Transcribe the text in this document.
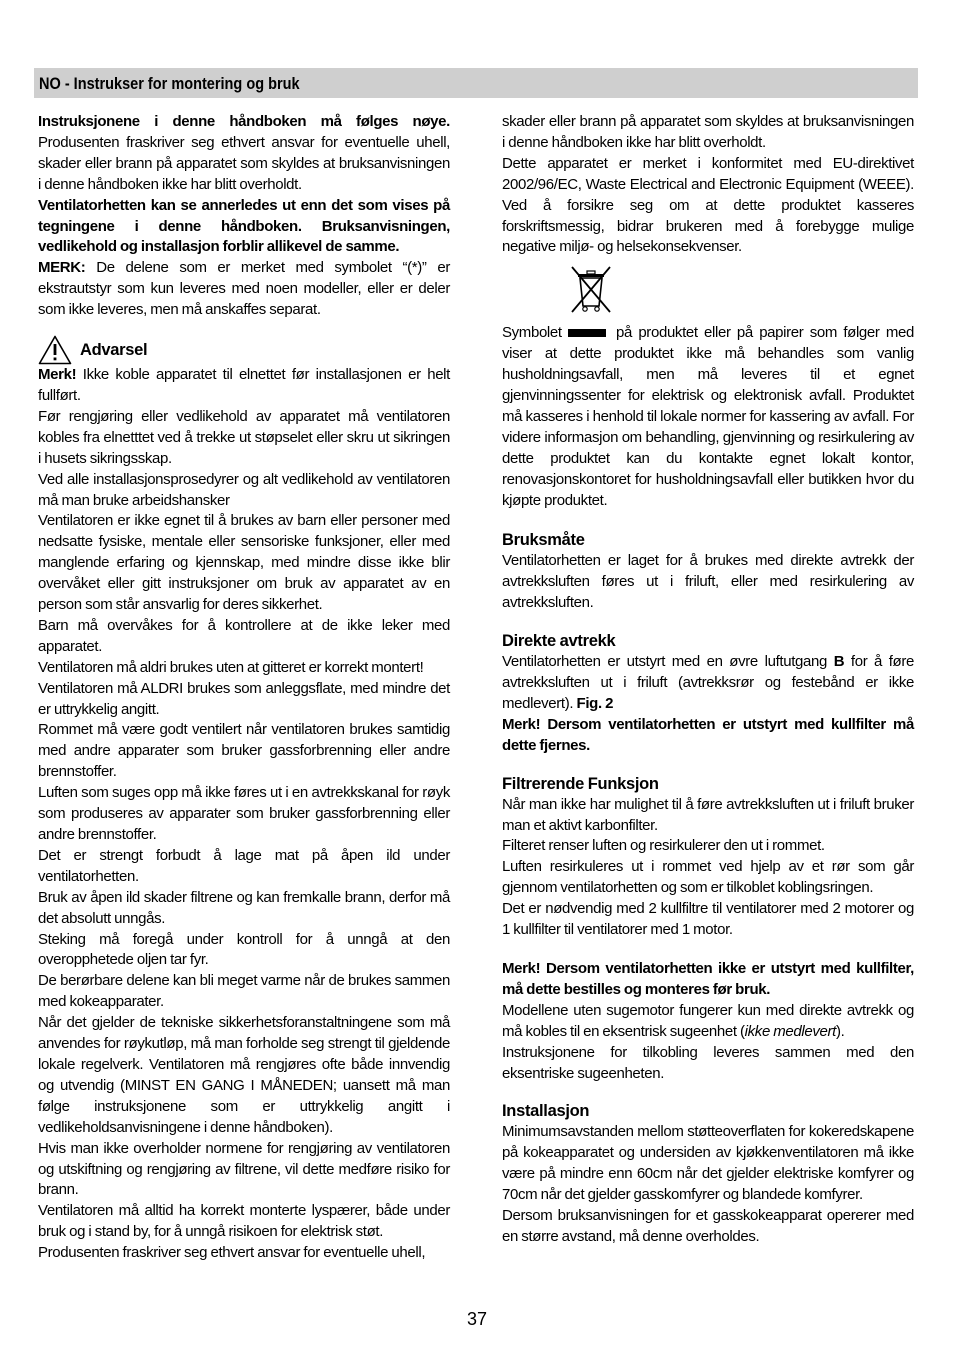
NO - Instrukser for montering og bruk

Instruksjonene i denne håndboken må følges nøye. Produsenten fraskriver seg ethvert ansvar for eventuelle uhell, skader eller brann på apparatet som skyldes at bruksanvisningen i denne håndboken ikke har blitt overholdt.

Ventilatorhetten kan se annerledes ut enn det som vises på tegningene i denne håndboken. Bruksanvisningen, vedlikehold og installasjon forblir allikevel de samme.

MERK: De delene som er merket med symbolet “(*)” er ekstrautstyr som kun leveres med noen modeller, eller er deler som ikke leveres, men må anskaffes separat.

Advarsel

Merk! Ikke koble apparatet til elnettet før installasjonen er helt fullført.

Før rengjøring eller vedlikehold av apparatet må ventilatoren kobles fra elnetttet ved å trekke ut støpselet eller skru ut sikringen i husets sikringsskap.

Ved alle installasjonsprosedyrer og alt vedlikehold av ventilatoren må man bruke arbeidshansker

Ventilatoren er ikke egnet til å brukes av barn eller personer med nedsatte fysiske, mentale eller sensoriske funksjoner, eller med manglende erfaring og kjennskap, med mindre disse ikke blir overvåket eller gitt instruksjoner om bruk av apparatet av en person som står ansvarlig for deres sikkerhet.

Barn må overvåkes for å kontrollere at de ikke leker med apparatet.

Ventilatoren må aldri brukes uten at gitteret er korrekt montert!

Ventilatoren må ALDRI brukes som anleggsflate, med mindre det er uttrykkelig angitt.

Rommet må være godt ventilert når ventilatoren brukes samtidig med andre apparater som bruker gassforbrenning eller andre brennstoffer.

Luften som suges opp må ikke føres ut i en avtrekkskanal for røyk som produseres av apparater som bruker gassforbrenning eller andre brennstoffer.

Det er strengt forbudt å lage mat på åpen ild under ventilatorhetten.

Bruk av åpen ild skader filtrene og kan fremkalle brann, derfor må det absolutt unngås.

Steking må foregå under kontroll for å unngå at den overopphetede oljen tar fyr.

De berørbare delene kan bli meget varme når de brukes sammen med kokeapparater.

Når det gjelder de tekniske sikkerhetsforanstaltningene som må anvendes for røykutløp, må man forholde seg strengt til gjeldende lokale regelverk. Ventilatoren må rengjøres ofte både innvendig og utvendig (MINST EN GANG I MÅNEDEN; uansett må man følge instruksjonene som er uttrykkelig angitt i vedlikeholdsanvisningene i denne håndboken).

Hvis man ikke overholder normene for rengjøring av ventilatoren og utskiftning og rengjøring av filtrene, vil dette medføre risiko for brann.

Ventilatoren må alltid ha korrekt monterte lyspærer, både under bruk og i stand by, for å unngå risikoen for elektrisk støt.

Produsenten fraskriver seg ethvert ansvar for eventuelle uhell,

skader eller brann på apparatet som skyldes at bruksanvisningen i denne håndboken ikke har blitt overholdt.

Dette apparatet er merket i konformitet med EU-direktivet 2002/96/EC, Waste Electrical and Electronic Equipment (WEEE). Ved å forsikre seg om at dette produktet kasseres forskriftsmessig, bidrar brukeren med å forebygge mulige negative miljø- og helsekonsekvenser.

Symbolet	på produktet eller på papirer som følger med viser at dette produktet ikke må behandles som vanlig husholdningsavfall, men må leveres til et egnet gjenvinningssenter for elektrisk og elektronisk avfall. Produktet må kasseres i henhold til lokale normer for kassering av avfall. For videre informasjon om behandling, gjenvinning og resirkulering av dette produktet kan du kontakte egnet lokalt kontor, renovasjonskontoret for husholdningsavfall eller butikken hvor du kjøpte produktet.

Bruksmåte

Ventilatorhetten er laget for å brukes med direkte avtrekk der avtrekksluften føres ut i friluft, eller med resirkulering av avtrekksluften.

Direkte avtrekk

Ventilatorhetten er utstyrt med en øvre luftutgang B for å føre avtrekksluften ut i friluft (avtrekksrør og festebånd er ikke medlevert). Fig. 2

Merk! Dersom ventilatorhetten er utstyrt med kullfilter må dette fjernes.

Filtrerende Funksjon

Når man ikke har mulighet til å føre avtrekksluften ut i friluft bruker man et aktivt karbonfilter.

Filteret renser luften og resirkulerer den ut i rommet.

Luften resirkuleres ut i rommet ved hjelp av et rør som går gjennom ventilatorhetten og som er tilkoblet koblingsringen.

Det er nødvendig med 2 kullfiltre til ventilatorer med 2 motorer og 1 kullfilter til ventilatorer med 1 motor.

Merk! Dersom ventilatorhetten ikke er utstyrt med kullfilter, må dette bestilles og monteres før bruk.

Modellene uten sugemotor fungerer kun med direkte avtrekk og må kobles til en eksentrisk sugeenhet (ikke medlevert).

Instruksjonene for tilkobling leveres sammen med den eksentriske sugeenheten.

Installasjon

Minimumsavstanden mellom støtteoverflaten for kokeredskapene på kokeapparatet og undersiden av kjøkkenventilatoren må ikke være på mindre enn 60cm når det gjelder elektriske komfyrer og 70cm når det gjelder gasskomfyrer og blandede komfyrer.

Dersom bruksanvisningen for et gasskokeapparat opererer med en større avstand, må denne overholdes.

37
